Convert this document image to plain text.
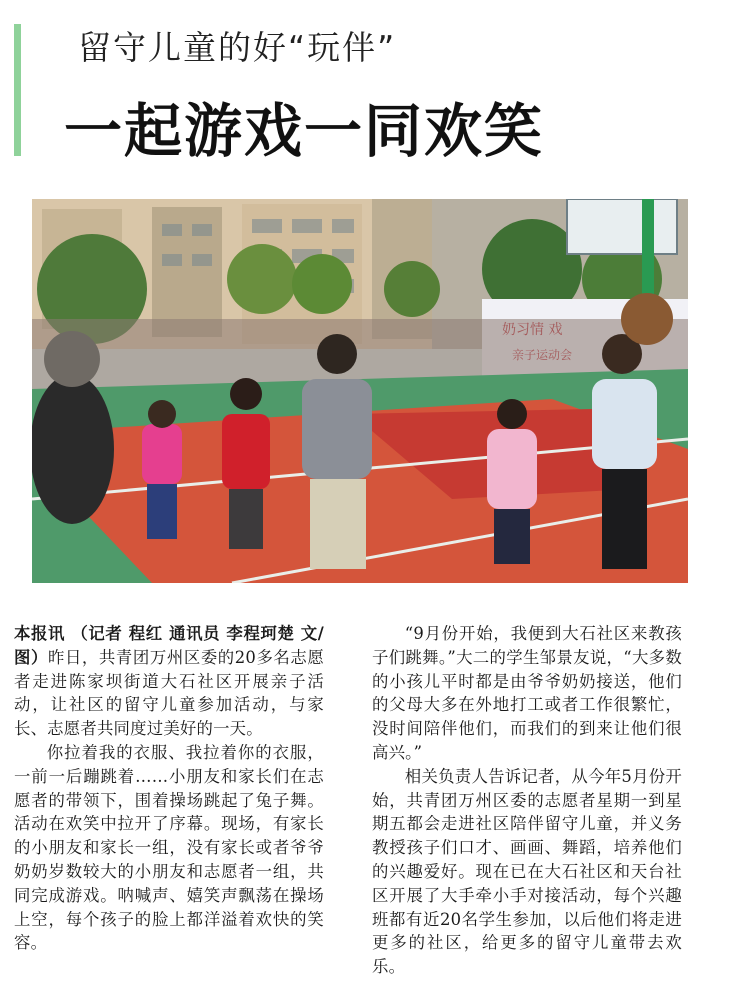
留守儿童的好“玩伴”
一起游戏一同欢笑

本报讯 （记者 程红 通讯员 李程珂楚 文/图）昨日，共青团万州区委的20多名志愿者走进陈家坝街道大石社区开展亲子活动，让社区的留守儿童参加活动，与家长、志愿者共同度过美好的一天。

你拉着我的衣服、我拉着你的衣服，一前一后蹦跳着……小朋友和家长们在志愿者的带领下，围着操场跳起了兔子舞。活动在欢笑中拉开了序幕。现场，有家长的小朋友和家长一组，没有家长或者爷爷奶奶岁数较大的小朋友和志愿者一组，共同完成游戏。呐喊声、嬉笑声飘荡在操场上空，每个孩子的脸上都洋溢着欢快的笑容。

“9月份开始，我便到大石社区来教孩子们跳舞。”大二的学生邹景友说，“大多数的小孩儿平时都是由爷爷奶奶接送，他们的父母大多在外地打工或者工作很繁忙，没时间陪伴他们，而我们的到来让他们很高兴。”

相关负责人告诉记者，从今年5月份开始，共青团万州区委的志愿者星期一到星期五都会走进社区陪伴留守儿童，并义务教授孩子们口才、画画、舞蹈，培养他们的兴趣爱好。现在已在大石社区和天台社区开展了大手牵小手对接活动，每个兴趣班都有近20名学生参加，以后他们将走进更多的社区，给更多的留守儿童带去欢乐。
